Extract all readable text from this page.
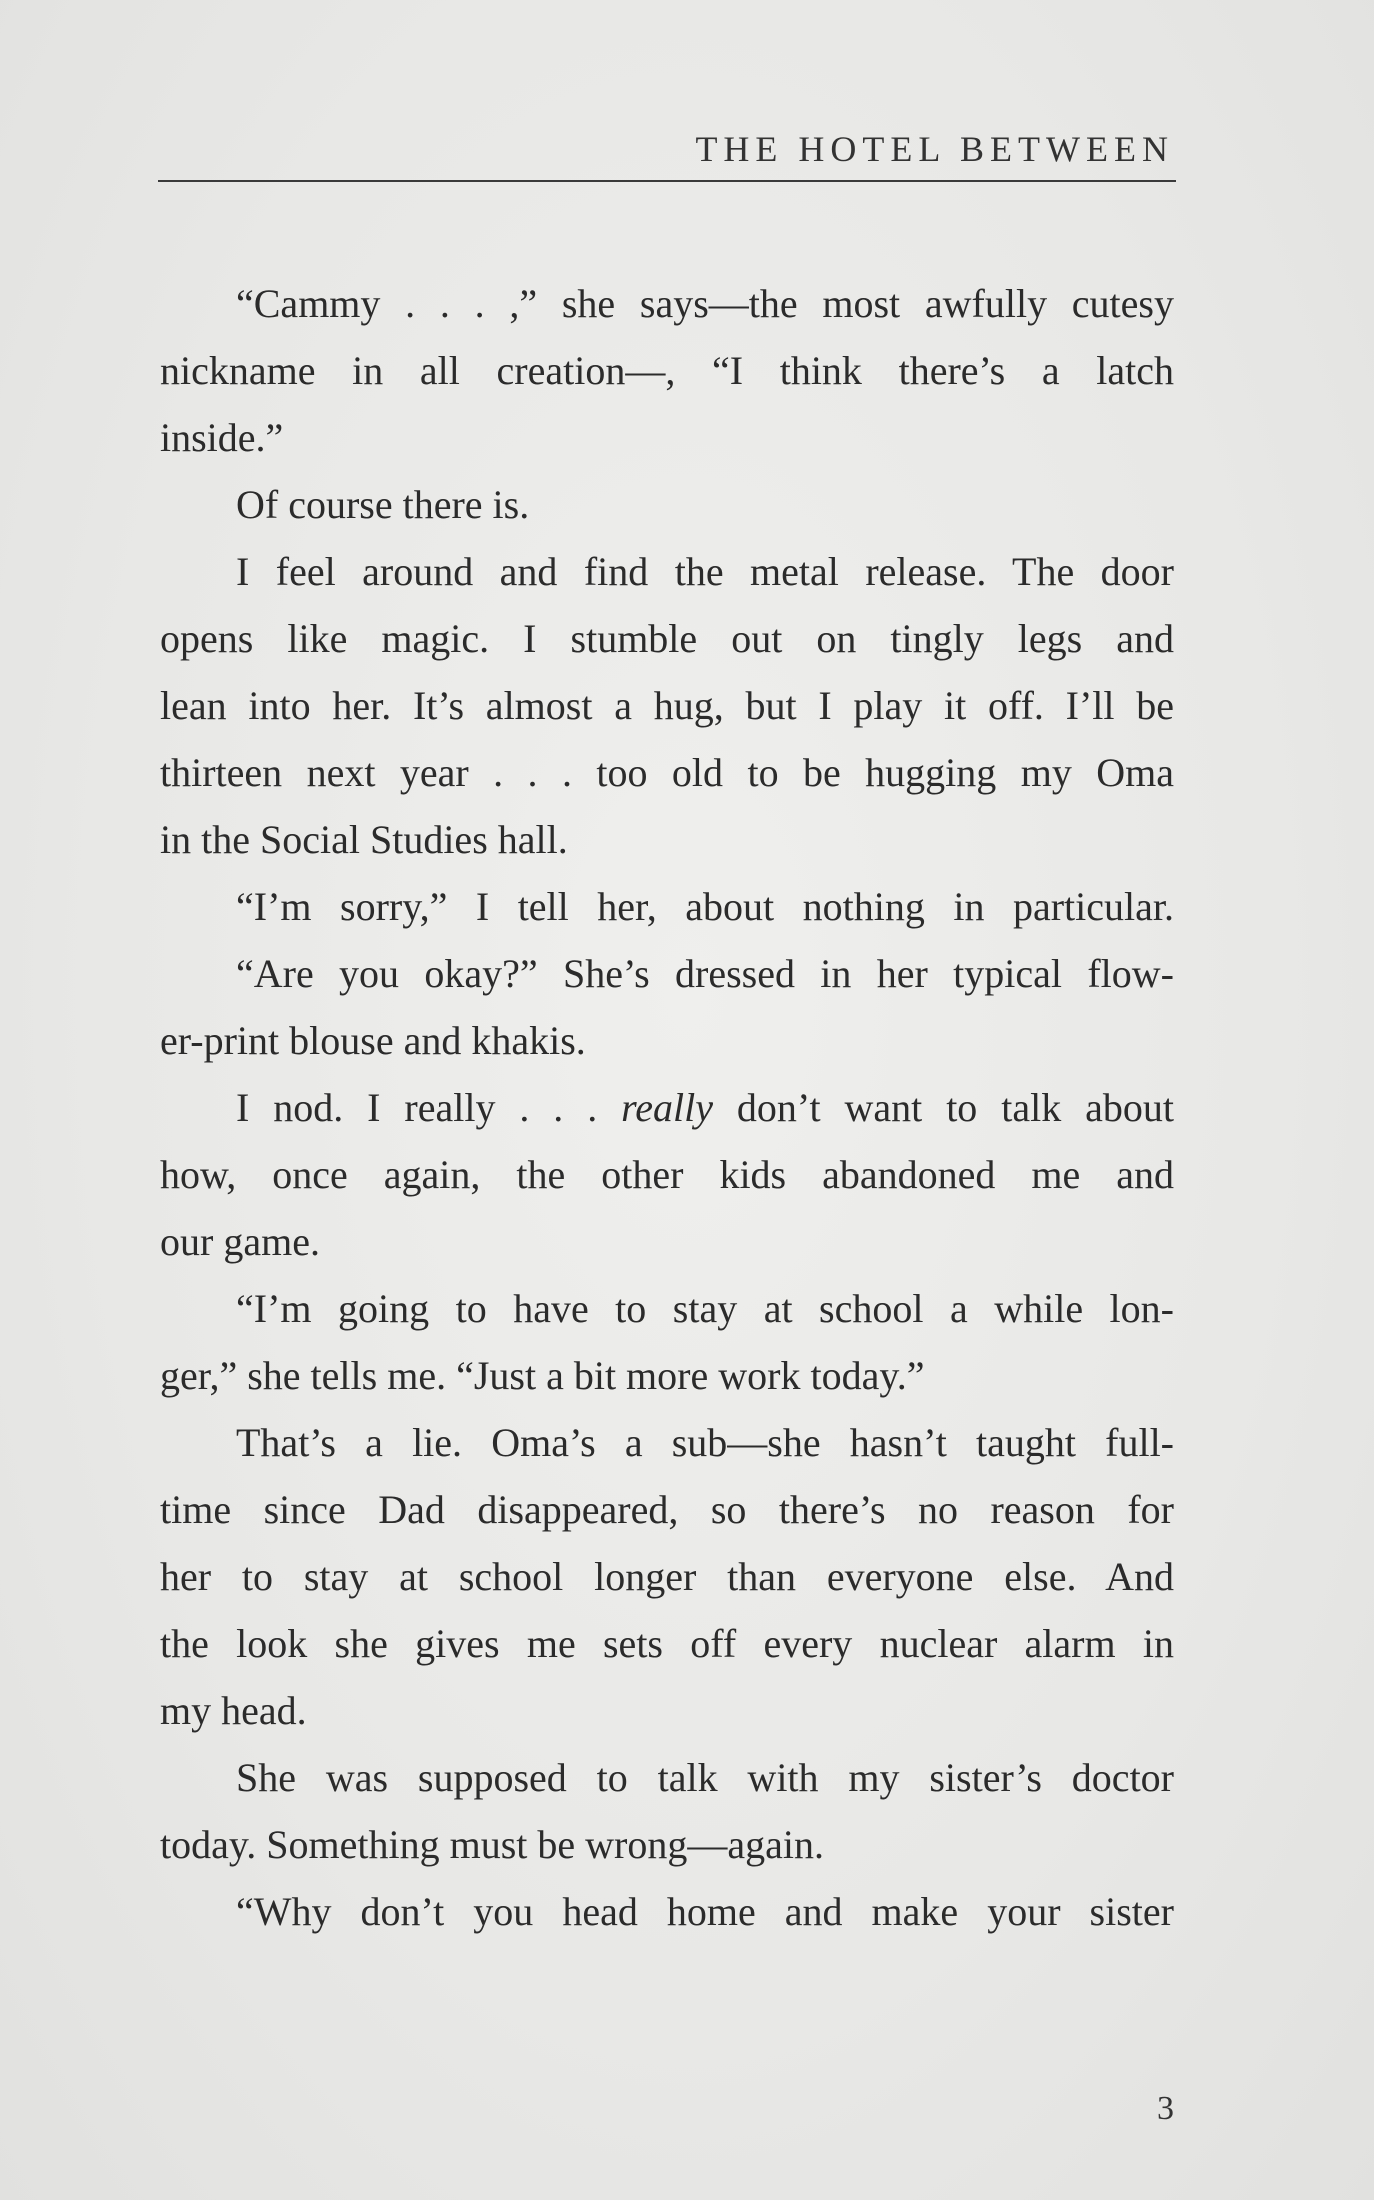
THE HOTEL BETWEEN
“Cammy . . . ,” she says—the most awfully cutesy
nickname in all creation—, “I think there’s a latch
inside.”
Of course there is.
I feel around and find the metal release. The door
opens like magic. I stumble out on tingly legs and
lean into her. It’s almost a hug, but I play it off. I’ll be
thirteen next year . . . too old to be hugging my Oma
in the Social Studies hall.
“I’m sorry,” I tell her, about nothing in particular.
“Are you okay?” She’s dressed in her typical flow-
er-print blouse and khakis.
I nod. I really . . . really don’t want to talk about
how, once again, the other kids abandoned me and
our game.
“I’m going to have to stay at school a while lon-
ger,” she tells me. “Just a bit more work today.”
That’s a lie. Oma’s a sub—she hasn’t taught full-
time since Dad disappeared, so there’s no reason for
her to stay at school longer than everyone else. And
the look she gives me sets off every nuclear alarm in
my head.
She was supposed to talk with my sister’s doctor
today. Something must be wrong—again.
“Why don’t you head home and make your sister
3
